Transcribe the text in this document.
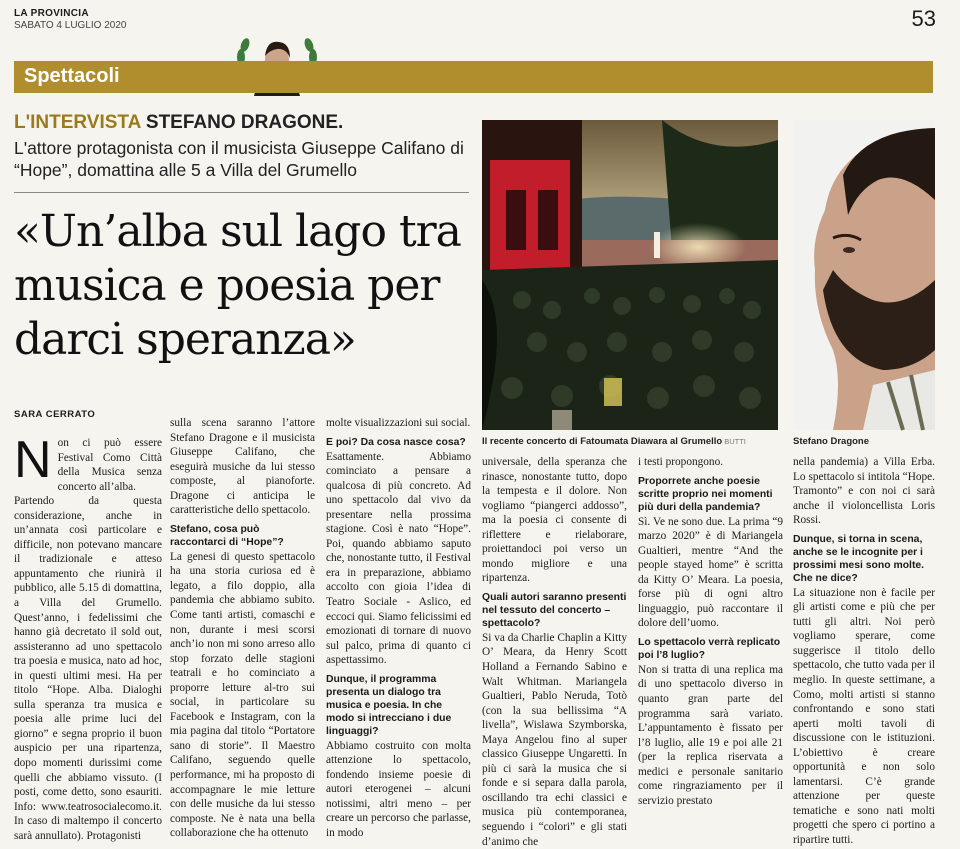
LA PROVINCIA
SABATO 4 LUGLIO 2020	53
Spettacoli
L'INTERVISTA STEFANO DRAGONE.
L'attore protagonista con il musicista Giuseppe Califano di “Hope”, domattina alle 5 a Villa del Grumello
«Un’alba sul lago tra musica e poesia per darci speranza»
Il recente concerto di Fatoumata Diawara al Grumello BUTTI	Stefano Dragone
SARA CERRATO

Non ci può essere Festival Como Città della Musica senza concerto all’alba.

Partendo da questa considerazione, anche in un’annata così particolare e difficile, non potevano mancare il tradizionale e atteso appuntamento che riunirà il pubblico, alle 5.15 di domattina, a Villa del Grumello. Quest’anno, i fedelissimi che hanno già decretato il sold out, assisteranno ad uno spettacolo tra poesia e musica, nato ad hoc, in questi ultimi mesi. Ha per titolo “Hope. Alba. Dialoghi sulla speranza tra musica e poesia alle prime luci del giorno” e segna proprio il buon auspicio per una ripartenza, dopo momenti durissimi come quelli che abbiamo vissuto. (I posti, come detto, sono esauriti. Info: www.teatrosocialecomo.it. In caso di maltempo il concerto sarà annullato). Protagonisti

sulla scena saranno l’attore Stefano Dragone e il musicista Giuseppe Califano, che eseguirà musiche da lui stesso composte, al pianoforte. Dragone ci anticipa le caratteristiche dello spettacolo.

Stefano, cosa può raccontarci di “Hope”?

La genesi di questo spettacolo ha una storia curiosa ed è legato, a filo doppio, alla pandemia che abbiamo subito. Come tanti artisti, comaschi e non, durante i mesi scorsi anch’io non mi sono arreso allo stop forzato delle stagioni teatrali e ho cominciato a proporre letture al-tro sui social, in particolare su Facebook e Instagram, con la mia pagina dal titolo “Portatore sano di storie”. Il Maestro Califano, seguendo quelle performance, mi ha proposto di accompagnare le mie letture con delle musiche da lui stesso composte. Ne è nata una bella collaborazione che ha ottenuto

molte visualizzazioni sui social.

E poi? Da cosa nasce cosa?

Esattamente. Abbiamo cominciato a pensare a qualcosa di più concreto. Ad uno spettacolo dal vivo da presentare nella prossima stagione. Così è nato “Hope”. Poi, quando abbiamo saputo che, nonostante tutto, il Festival era in preparazione, abbiamo accolto con gioia l’idea di Teatro Sociale - Aslico, ed eccoci qui. Siamo felicissimi ed emozionati di tornare di nuovo sul palco, prima di quanto ci aspettassimo.

Dunque, il programma presenta un dialogo tra musica e poesia. In che modo si intrecciano i due linguaggi?

Abbiamo costruito con molta attenzione lo spettacolo, fondendo insieme poesie di autori eterogenei – alcuni notissimi, altri meno – per creare un percorso che parlasse, in modo

universale, della speranza che rinasce, nonostante tutto, dopo la tempesta e il dolore. Non vogliamo “piangerci addosso”, ma la poesia ci consente di riflettere e rielaborare, proiettandoci poi verso un mondo migliore e una ripartenza.

Quali autori saranno presenti nel tessuto del concerto – spettacolo?

Si va da Charlie Chaplin a Kitty O’ Meara, da Henry Scott Holland a Fernando Sabino e Walt Whitman. Mariangela Gualtieri, Pablo Neruda, Totò (con la sua bellissima “A livella”, Wislawa Szymborska, Maya Angelou fino al super classico Giuseppe Ungaretti. In più ci sarà la musica che si fonde e si separa dalla parola, oscillando tra echi classici e musica più contemporanea, seguendo i “colori” e gli stati d’animo che

i testi propongono.

Proporrete anche poesie scritte proprio nei momenti più duri della pandemia?

Sì. Ve ne sono due. La prima “9 marzo 2020” è di Mariangela Gualtieri, mentre “And the people stayed home” è scritta da Kitty O’ Meara. La poesia, forse più di ogni altro linguaggio, può raccontare il dolore dell’uomo.

Lo spettacolo verrà replicato poi l’8 luglio?

Non si tratta di una replica ma di uno spettacolo diverso in quanto gran parte del programma sarà variato. L’appuntamento è fissato per l’8 luglio, alle 19 e poi alle 21 (per la replica riservata a medici e personale sanitario come ringraziamento per il servizio prestato

nella pandemia) a Villa Erba. Lo spettacolo si intitola “Hope. Tramonto” e con noi ci sarà anche il violoncellista Loris Rossi.

Dunque, si torna in scena, anche se le incognite per i prossimi mesi sono molte. Che ne dice?

La situazione non è facile per gli artisti come e più che per tutti gli altri. Noi però vogliamo sperare, come suggerisce il titolo dello spettacolo, che tutto vada per il meglio. In queste settimane, a Como, molti artisti si stanno confrontando e sono stati aperti molti tavoli di discussione con le istituzioni. L’obiettivo è creare opportunità e non solo lamentarsi. C’è grande attenzione per queste tematiche e sono nati molti progetti che spero ci portino a ripartire tutti.
